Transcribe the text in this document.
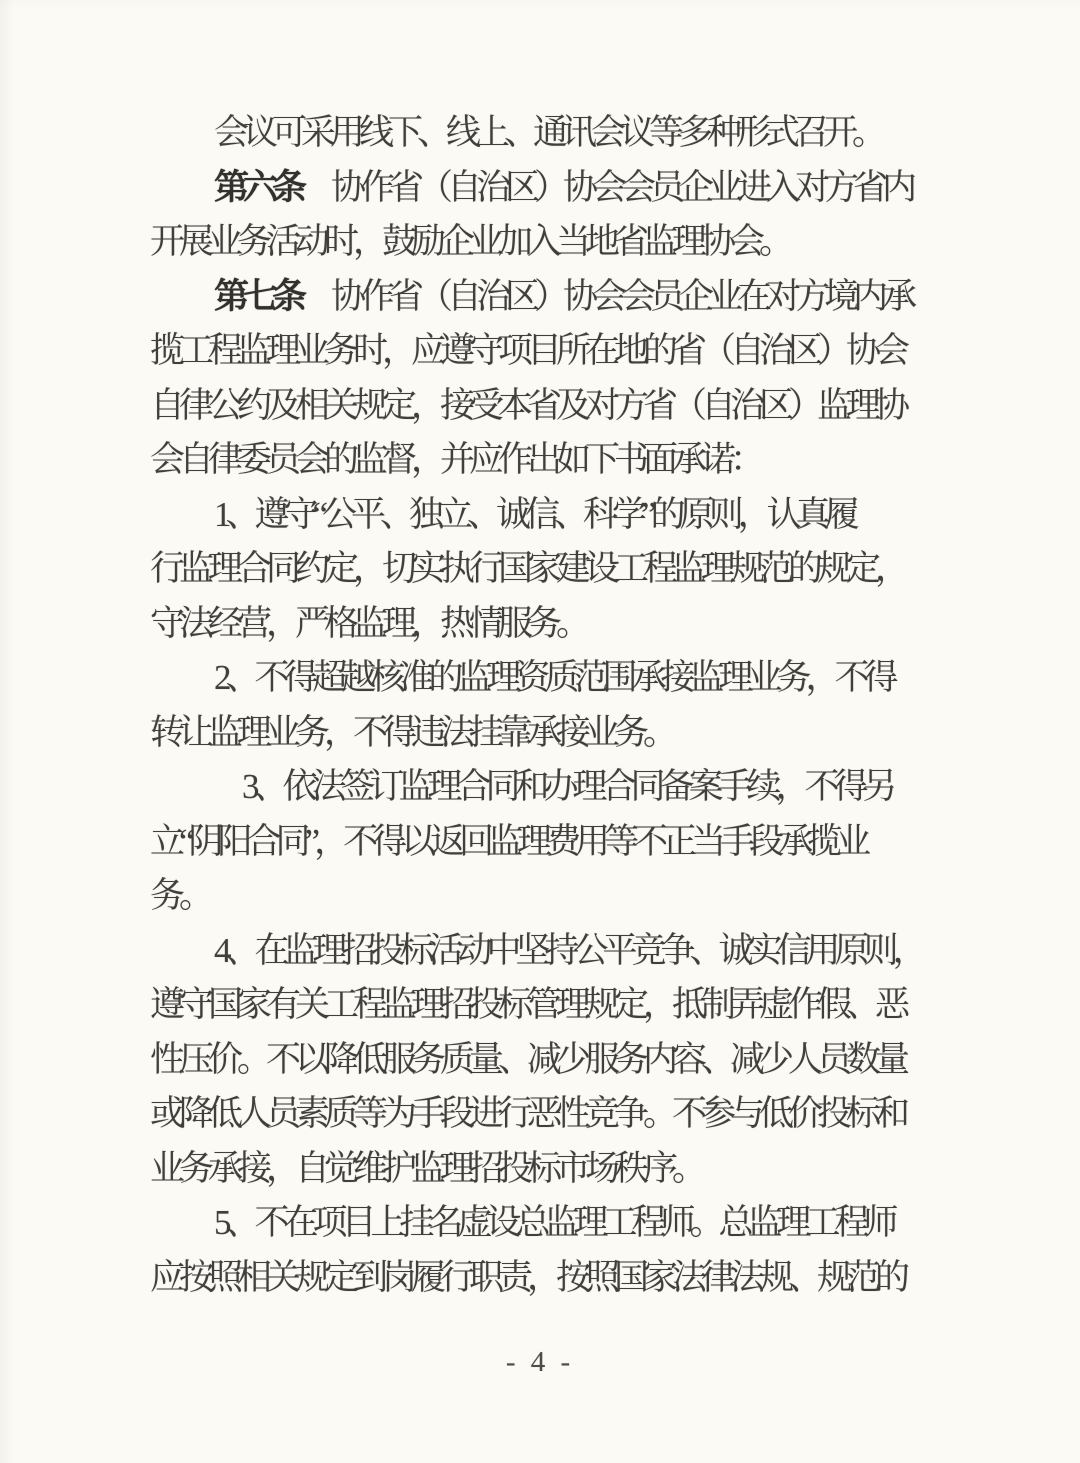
会议可采用线下、线上、通讯会议等多种形式召开。
第六条 协作省（自治区）协会会员企业进入对方省内
开展业务活动时，鼓励企业加入当地省监理协会。
第七条 协作省（自治区）协会会员企业在对方境内承
揽工程监理业务时，应遵守项目所在地的省（自治区）协会
自律公约及相关规定，接受本省及对方省（自治区）监理协
会自律委员会的监督，并应作出如下书面承诺：
1、遵守“公平、独立、诚信、科学”的原则，认真履
行监理合同约定，切实执行国家建设工程监理规范的规定，
守法经营，严格监理，热情服务。
2、不得超越核准的监理资质范围承接监理业务，不得
转让监理业务，不得违法挂靠承接业务。
3、依法签订监理合同和办理合同备案手续，不得另
立“阴阳合同”，不得以返回监理费用等不正当手段承揽业
务。
4、在监理招投标活动中坚持公平竞争、诚实信用原则，
遵守国家有关工程监理招投标管理规定，抵制弄虚作假、恶
性压价。不以降低服务质量、减少服务内容、减少人员数量
或降低人员素质等为手段进行恶性竞争。不参与低价投标和
业务承接，自觉维护监理招投标市场秩序。
5、不在项目上挂名虚设总监理工程师。总监理工程师
应按照相关规定到岗履行职责，按照国家法律法规、规范的
- 4 -
